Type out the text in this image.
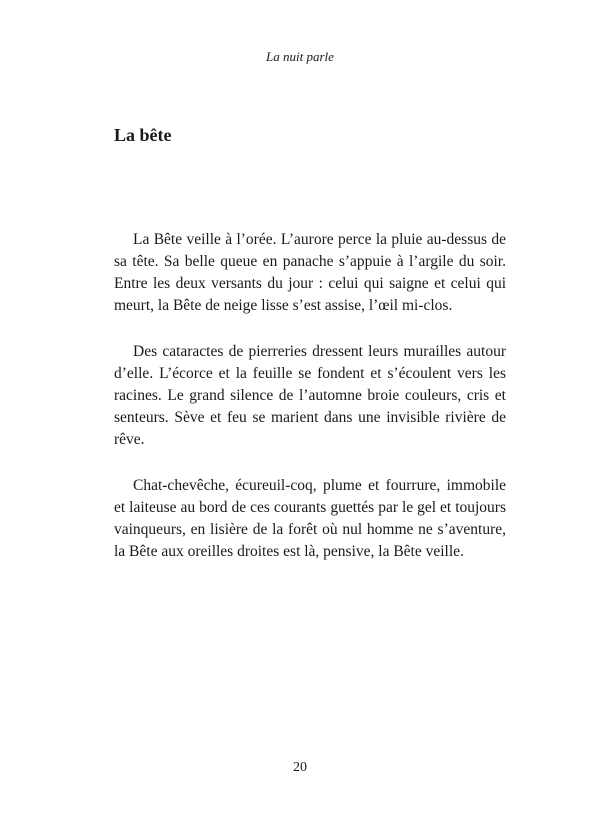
La nuit parle
La bête

La Bête veille à l’orée. L’aurore perce la pluie au-dessus de sa tête. Sa belle queue en panache s’appuie à l’argile du soir. Entre les deux versants du jour : celui qui saigne et celui qui meurt, la Bête de neige lisse s’est assise, l’œil mi-clos.

Des cataractes de pierreries dressent leurs murailles autour d’elle. L’écorce et la feuille se fondent et s’écoulent vers les racines. Le grand silence de l’automne broie couleurs, cris et senteurs. Sève et feu se marient dans une invisible rivière de rêve.

Chat-chevêche, écureuil-coq, plume et fourrure, immobile et laiteuse au bord de ces courants guettés par le gel et toujours vainqueurs, en lisière de la forêt où nul homme ne s’aventure, la Bête aux oreilles droites est là, pensive, la Bête veille.

20
